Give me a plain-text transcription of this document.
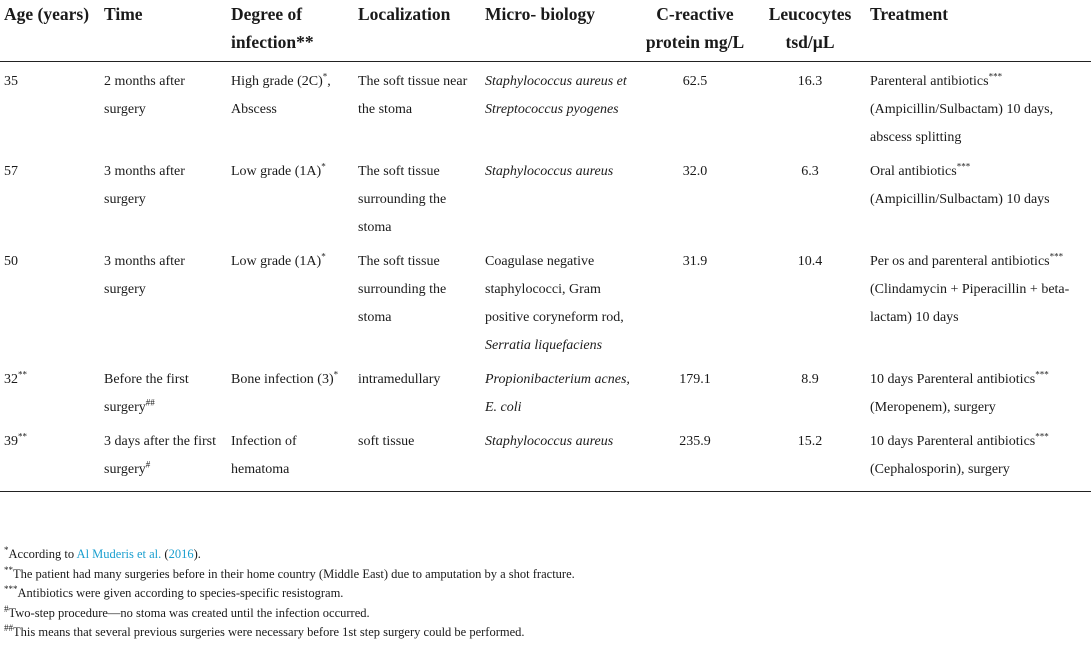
Age (years)	Time	Degree of infection**	Localization	Micro- biology	C-reactive protein mg/L	Leucocytes tsd/µL	Treatment
35	2 months after surgery	High grade (2C)*, Abscess	The soft tissue near the stoma	Staphylococcus aureus et Streptococcus pyogenes	62.5	16.3	Parenteral antibiotics*** (Ampicillin/Sulbactam) 10 days, abscess splitting
57	3 months after surgery	Low grade (1A)*	The soft tissue surrounding the stoma	Staphylococcus aureus	32.0	6.3	Oral antibiotics*** (Ampicillin/Sulbactam) 10 days
50	3 months after surgery	Low grade (1A)*	The soft tissue surrounding the stoma	Coagulase negative staphylococci, Gram positive coryneform rod, Serratia liquefaciens	31.9	10.4	Per os and parenteral antibiotics*** (Clindamycin + Piperacillin + beta-lactam) 10 days
32**	Before the first surgery##	Bone infection (3)*	intramedullary	Propionibacterium acnes, E. coli	179.1	8.9	10 days Parenteral antibiotics*** (Meropenem), surgery
39**	3 days after the first surgery#	Infection of hematoma	soft tissue	Staphylococcus aureus	235.9	15.2	10 days Parenteral antibiotics*** (Cephalosporin), surgery
*According to Al Muderis et al. (2016).
**The patient had many surgeries before in their home country (Middle East) due to amputation by a shot fracture.
***Antibiotics were given according to species-specific resistogram.
#Two-step procedure—no stoma was created until the infection occurred.
##This means that several previous surgeries were necessary before 1st step surgery could be performed.
